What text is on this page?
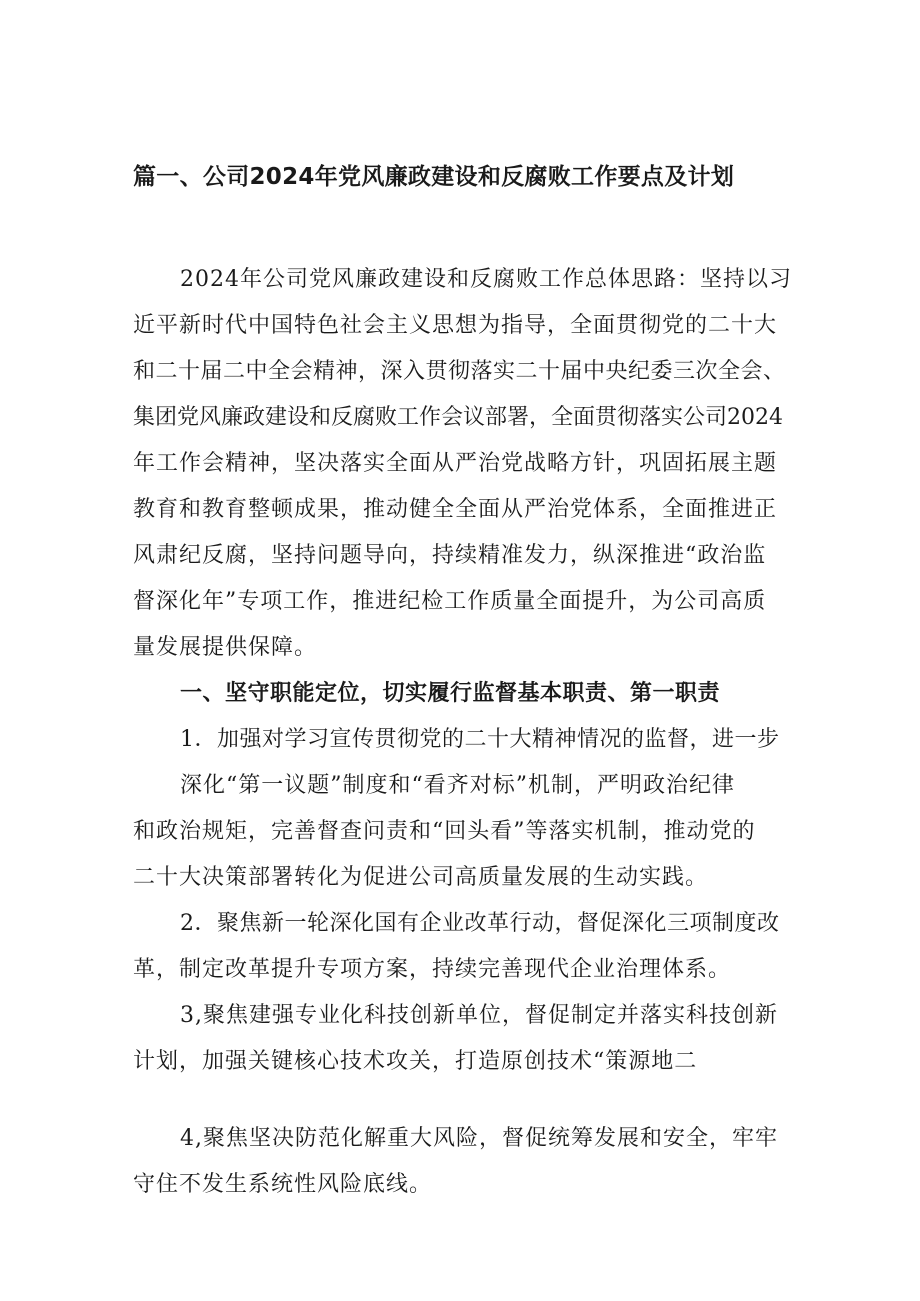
篇一、公司2024年党风廉政建设和反腐败工作要点及计划
2024年公司党风廉政建设和反腐败工作总体思路：坚持以习
近平新时代中国特色社会主义思想为指导，全面贯彻党的二十大
和二十届二中全会精神，深入贯彻落实二十届中央纪委三次全会、
集团党风廉政建设和反腐败工作会议部署，全面贯彻落实公司2024
年工作会精神，坚决落实全面从严治党战略方针，巩固拓展主题
教育和教育整顿成果，推动健全全面从严治党体系，全面推进正
风肃纪反腐，坚持问题导向，持续精准发力，纵深推进“政治监
督深化年”专项工作，推进纪检工作质量全面提升，为公司高质
量发展提供保障。
一、坚守职能定位，切实履行监督基本职责、第一职责
1．加强对学习宣传贯彻党的二十大精神情况的监督，进一步
深化“第一议题”制度和“看齐对标”机制，严明政治纪律
和政治规矩，完善督查问责和“回头看”等落实机制，推动党的
二十大决策部署转化为促进公司高质量发展的生动实践。
2．聚焦新一轮深化国有企业改革行动，督促深化三项制度改
革，制定改革提升专项方案，持续完善现代企业治理体系。
3,聚焦建强专业化科技创新单位，督促制定并落实科技创新
计划，加强关键核心技术攻关，打造原创技术“策源地二
4,聚焦坚决防范化解重大风险，督促统筹发展和安全，牢牢
守住不发生系统性风险底线。
